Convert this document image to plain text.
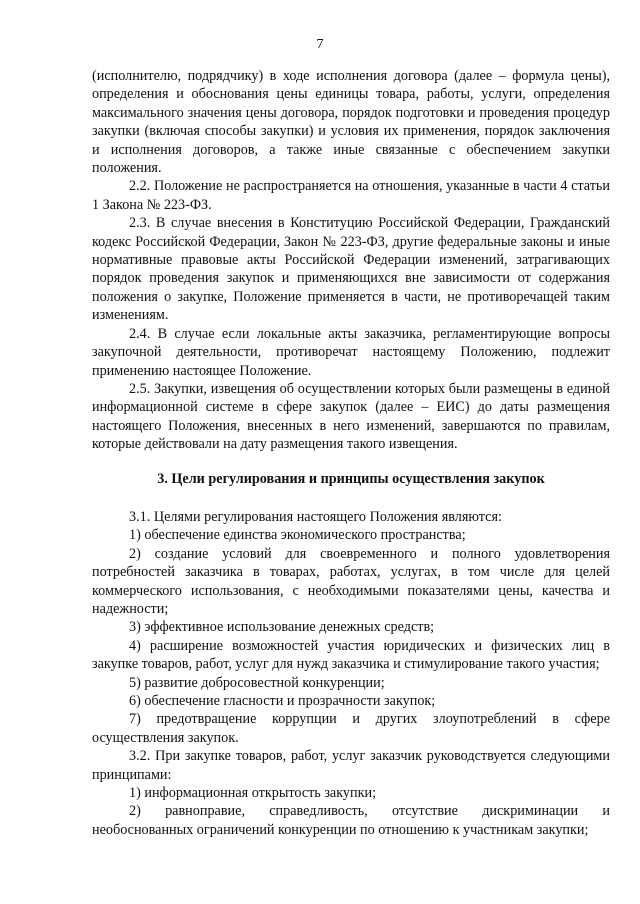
7

(исполнителю, подрядчику) в ходе исполнения договора (далее – формула цены), определения и обоснования цены единицы товара, работы, услуги, определения максимального значения цены договора, порядок подготовки и проведения процедур закупки (включая способы закупки) и условия их применения, порядок заключения и исполнения договоров, а также иные связанные с обеспечением закупки положения.

2.2. Положение не распространяется на отношения, указанные в части 4 статьи 1 Закона № 223-ФЗ.

2.3. В случае внесения в Конституцию Российской Федерации, Гражданский кодекс Российской Федерации, Закон № 223-ФЗ, другие федеральные законы и иные нормативные правовые акты Российской Федерации изменений, затрагивающих порядок проведения закупок и применяющихся вне зависимости от содержания положения о закупке, Положение применяется в части, не противоречащей таким изменениям.

2.4. В случае если локальные акты заказчика, регламентирующие вопросы закупочной деятельности, противоречат настоящему Положению, подлежит применению настоящее Положение.

2.5. Закупки, извещения об осуществлении которых были размещены в единой информационной системе в сфере закупок (далее – ЕИС) до даты размещения настоящего Положения, внесенных в него изменений, завершаются по правилам, которые действовали на дату размещения такого извещения.

3. Цели регулирования и принципы осуществления закупок

3.1. Целями регулирования настоящего Положения являются:

1) обеспечение единства экономического пространства;

2) создание условий для своевременного и полного удовлетворения потребностей заказчика в товарах, работах, услугах, в том числе для целей коммерческого использования, с необходимыми показателями цены, качества и надежности;

3) эффективное использование денежных средств;

4) расширение возможностей участия юридических и физических лиц в закупке товаров, работ, услуг для нужд заказчика и стимулирование такого участия;

5) развитие добросовестной конкуренции;

6) обеспечение гласности и прозрачности закупок;

7) предотвращение коррупции и других злоупотреблений в сфере осуществления закупок.

3.2. При закупке товаров, работ, услуг заказчик руководствуется следующими принципами:

1) информационная открытость закупки;

2) равноправие, справедливость, отсутствие дискриминации и необоснованных ограничений конкуренции по отношению к участникам закупки;
